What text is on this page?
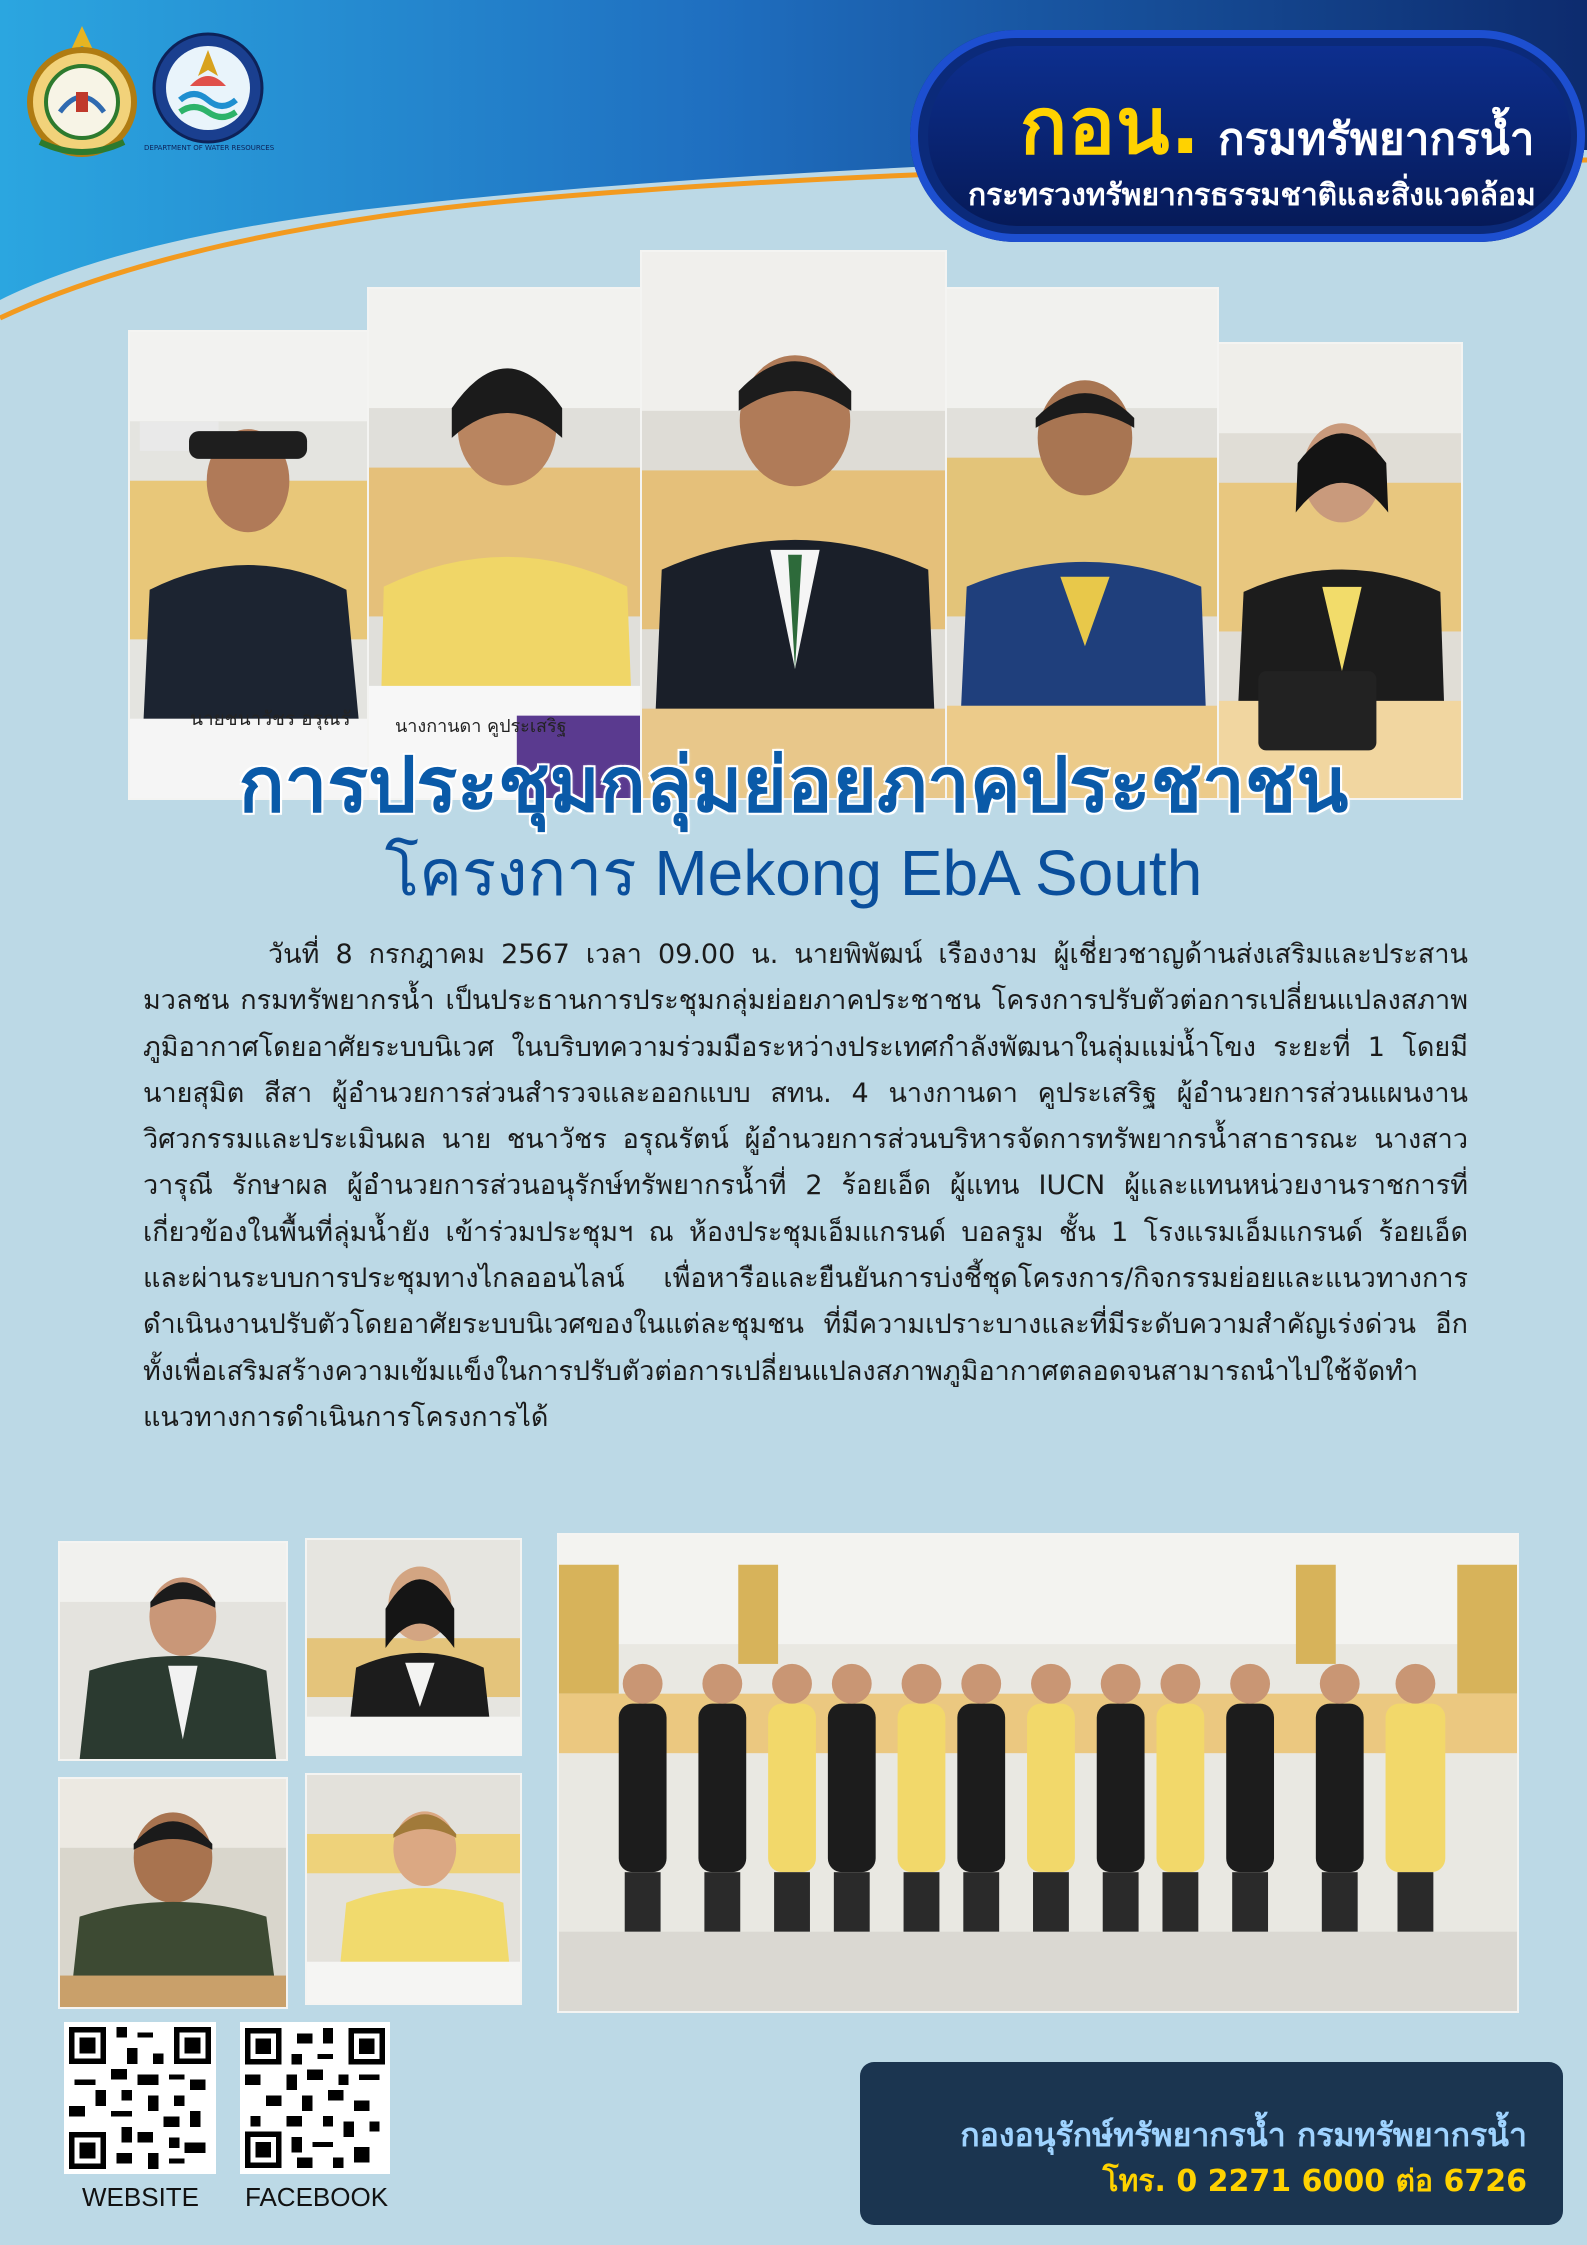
DEPARTMENT OF WATER RESOURCES	กอน. กรมทรัพยากรน้ำ
กระทรวงทรัพยากรธรรมชาติและสิ่งแวดล้อม
นายชนาวัชร อรุณรั นางกานดา คูประเสริฐ
การประชุมกลุ่มย่อยภาคประชาชน
โครงการ Mekong EbA South
วันที่ 8 กรกฎาคม 2567 เวลา 09.00 น. นายพิพัฒน์ เรืองงาม ผู้เชี่ยวชาญด้านส่งเสริมและประสานมวลชน กรมทรัพยากรน้ำ เป็นประธานการประชุมกลุ่มย่อยภาคประชาชน โครงการปรับตัวต่อการเปลี่ยนแปลงสภาพภูมิอากาศโดยอาศัยระบบนิเวศ ในบริบทความร่วมมือระหว่างประเทศกำลังพัฒนาในลุ่มแม่น้ำโขง ระยะที่ 1 โดยมี นายสุมิต สีสา ผู้อำนวยการส่วนสำรวจและออกแบบ สทน. 4 นางกานดา คูประเสริฐ ผู้อำนวยการส่วนแผนงานวิศวกรรมและประเมินผล นาย ชนาวัชร อรุณรัตน์ ผู้อำนวยการส่วนบริหารจัดการทรัพยากรน้ำสาธารณะ นางสาววารุณี รักษาผล ผู้อำนวยการส่วนอนุรักษ์ทรัพยากรน้ำที่ 2 ร้อยเอ็ด ผู้แทน IUCN ผู้และแทนหน่วยงานราชการที่เกี่ยวข้องในพื้นที่ลุ่มน้ำยัง เข้าร่วมประชุมฯ ณ ห้องประชุมเอ็มแกรนด์ บอลรูม ชั้น 1 โรงแรมเอ็มแกรนด์ ร้อยเอ็ด และผ่านระบบการประชุมทางไกลออนไลน์ เพื่อหารือและยืนยันการบ่งชี้ชุดโครงการ/กิจกรรมย่อยและแนวทางการดำเนินงานปรับตัวโดยอาศัยระบบนิเวศของในแต่ละชุมชน ที่มีความเปราะบางและที่มีระดับความสำคัญเร่งด่วน อีกทั้งเพื่อเสริมสร้างความเข้มแข็งในการปรับตัวต่อการเปลี่ยนแปลงสภาพภูมิอากาศตลอดจนสามารถนำไปใช้จัดทำแนวทางการดำเนินการโครงการได้
WEBSITE FACEBOOK
กองอนุรักษ์ทรัพยากรน้ำ กรมทรัพยากรน้ำ
โทร. 0 2271 6000 ต่อ 6726
